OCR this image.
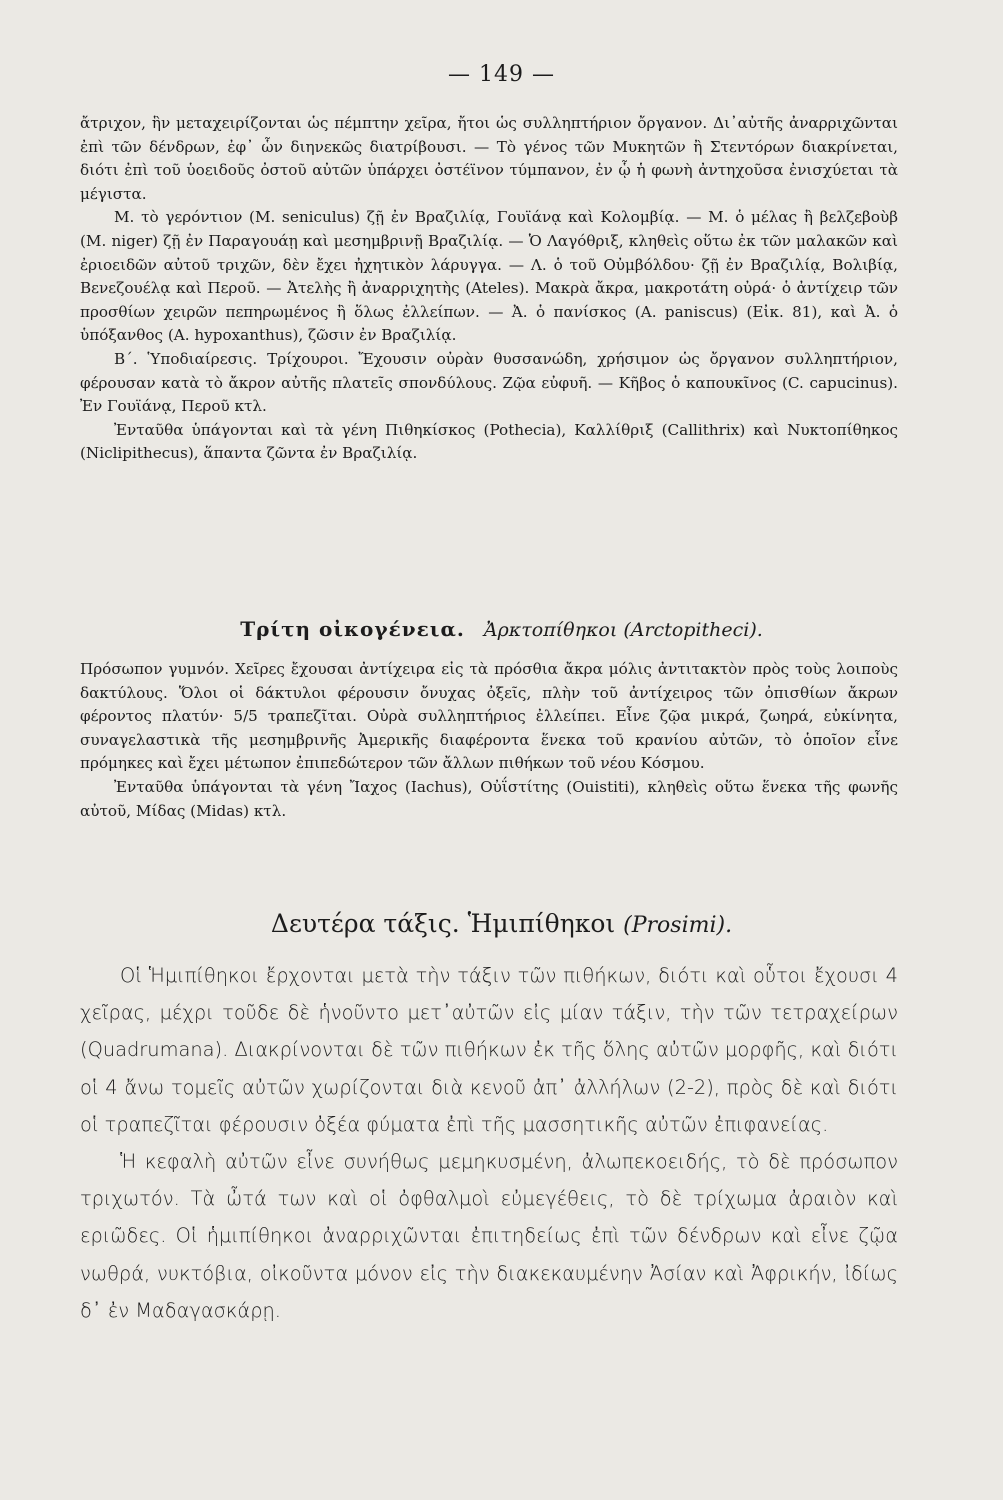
— 149 —

ἄτριχον, ἣν μεταχειρίζονται ὡς πέμπτην χεῖρα, ἤτοι ὡς συλληπτήριον ὄργανον. Δι᾽αὐτῆς ἀναρριχῶνται ἐπὶ τῶν δένδρων, ἐφ᾽ ὧν διηνεκῶς διατρίβουσι. — Τὸ γένος τῶν Μυκητῶν ἢ Στεντόρων διακρίνεται, διότι ἐπὶ τοῦ ὑοειδοῦς ὀστοῦ αὐτῶν ὑπάρχει ὀστέϊνον τύμπανον, ἐν ᾧ ἡ φωνὴ ἀντηχοῦσα ἐνισχύεται τὰ μέγιστα.

Μ. τὸ γερόντιον (M. seniculus) ζῇ ἐν Βραζιλίᾳ, Γουϊάνᾳ καὶ Κολομβίᾳ. — Μ. ὁ μέλας ἢ βελζεβοὺβ (M. niger) ζῇ ἐν Παραγουάῃ καὶ μεσημβρινῇ Βραζιλίᾳ. — Ὁ Λαγόθριξ, κληθεὶς οὕτω ἐκ τῶν μαλακῶν καὶ ἐριοειδῶν αὐτοῦ τριχῶν, δὲν ἔχει ἠχητικὸν λάρυγγα. — Λ. ὁ τοῦ Οὐμβόλδου· ζῇ ἐν Βραζιλίᾳ, Βολιβίᾳ, Βενεζουέλᾳ καὶ Περοῦ. — Ἀτελὴς ἢ ἀναρριχητὴς (Ateles). Μακρὰ ἄκρα, μακροτάτη οὐρά· ὁ ἀντίχειρ τῶν προσθίων χειρῶν πεπηρωμένος ἢ ὅλως ἐλλείπων. — Ἀ. ὁ πανίσκος (A. paniscus) (Εἰκ. 81), καὶ Ἀ. ὁ ὑπόξανθος (A. hypoxanthus), ζῶσιν ἐν Βραζιλίᾳ.

Β΄. Ὑποδιαίρεσις. Τρίχουροι. Ἔχουσιν οὐρὰν θυσσανώδη, χρήσιμον ὡς ὄργανον συλληπτήριον, φέρουσαν κατὰ τὸ ἄκρον αὐτῆς πλατεῖς σπονδύλους. Ζῷα εὐφυῆ. — Κῆβος ὁ καπουκῖνος (C. capucinus). Ἐν Γουϊάνᾳ, Περοῦ κτλ.

Ἐνταῦθα ὑπάγονται καὶ τὰ γένη Πιθηκίσκος (Pothecia), Καλλίθριξ (Callithrix) καὶ Νυκτοπίθηκος (Niclipithecus), ἅπαντα ζῶντα ἐν Βραζιλίᾳ.

Τρίτη οἰκογένεια. Ἀρκτοπίθηκοι (Arctopitheci).

Πρόσωπον γυμνόν. Χεῖρες ἔχουσαι ἀντίχειρα εἰς τὰ πρόσθια ἄκρα μόλις ἀντιτακτὸν πρὸς τοὺς λοιποὺς δακτύλους. Ὅλοι οἱ δάκτυλοι φέρουσιν ὄνυχας ὀξεῖς, πλὴν τοῦ ἀντίχειρος τῶν ὀπισθίων ἄκρων φέροντος πλατύν· 5/5 τραπεζῖται. Οὐρὰ συλληπτήριος ἐλλείπει. Εἶνε ζῷα μικρά, ζωηρά, εὐκίνητα, συναγελαστικὰ τῆς μεσημβρινῆς Ἀμερικῆς διαφέροντα ἕνεκα τοῦ κρανίου αὐτῶν, τὸ ὁποῖον εἶνε πρόμηκες καὶ ἔχει μέτωπον ἐπιπεδώτερον τῶν ἄλλων πιθήκων τοῦ νέου Κόσμου.

Ἐνταῦθα ὑπάγονται τὰ γένη Ἴαχος (Iachus), Οὐΐστίτης (Ouistiti), κληθεὶς οὕτω ἕνεκα τῆς φωνῆς αὐτοῦ, Μίδας (Midas) κτλ.

Δευτέρα τάξις. Ἡμιπίθηκοι (Prosimi).

Οἱ Ἡμιπίθηκοι ἔρχονται μετὰ τὴν τάξιν τῶν πιθήκων, διότι καὶ οὗτοι ἔχουσι 4 χεῖρας, μέχρι τοῦδε δὲ ἡνοῦντο μετ᾽αὐτῶν εἰς μίαν τάξιν, τὴν τῶν τετραχείρων (Quadrumana). Διακρίνονται δὲ τῶν πιθήκων ἐκ τῆς ὅλης αὐτῶν μορφῆς, καὶ διότι οἱ 4 ἄνω τομεῖς αὐτῶν χωρίζονται διὰ κενοῦ ἀπ᾽ ἀλλήλων (2-2), πρὸς δὲ καὶ διότι οἱ τραπεζῖται φέρουσιν ὀξέα φύματα ἐπὶ τῆς μασσητικῆς αὐτῶν ἐπιφανείας.

Ἡ κεφαλὴ αὐτῶν εἶνε συνήθως μεμηκυσμένη, ἀλωπεκοειδής, τὸ δὲ πρόσωπον τριχωτόν. Τὰ ὦτά των καὶ οἱ ὀφθαλμοὶ εὐμεγέθεις, τὸ δὲ τρίχωμα ἀραιὸν καὶ εριῶδες. Οἱ ἡμιπίθηκοι ἀναρριχῶνται ἐπιτηδείως ἐπὶ τῶν δένδρων καὶ εἶνε ζῷα νωθρά, νυκτόβια, οἰκοῦντα μόνον εἰς τὴν διακεκαυμένην Ἀσίαν καὶ Ἀφρικήν, ἰδίως δ᾽ ἐν Μαδαγασκάρῃ.
